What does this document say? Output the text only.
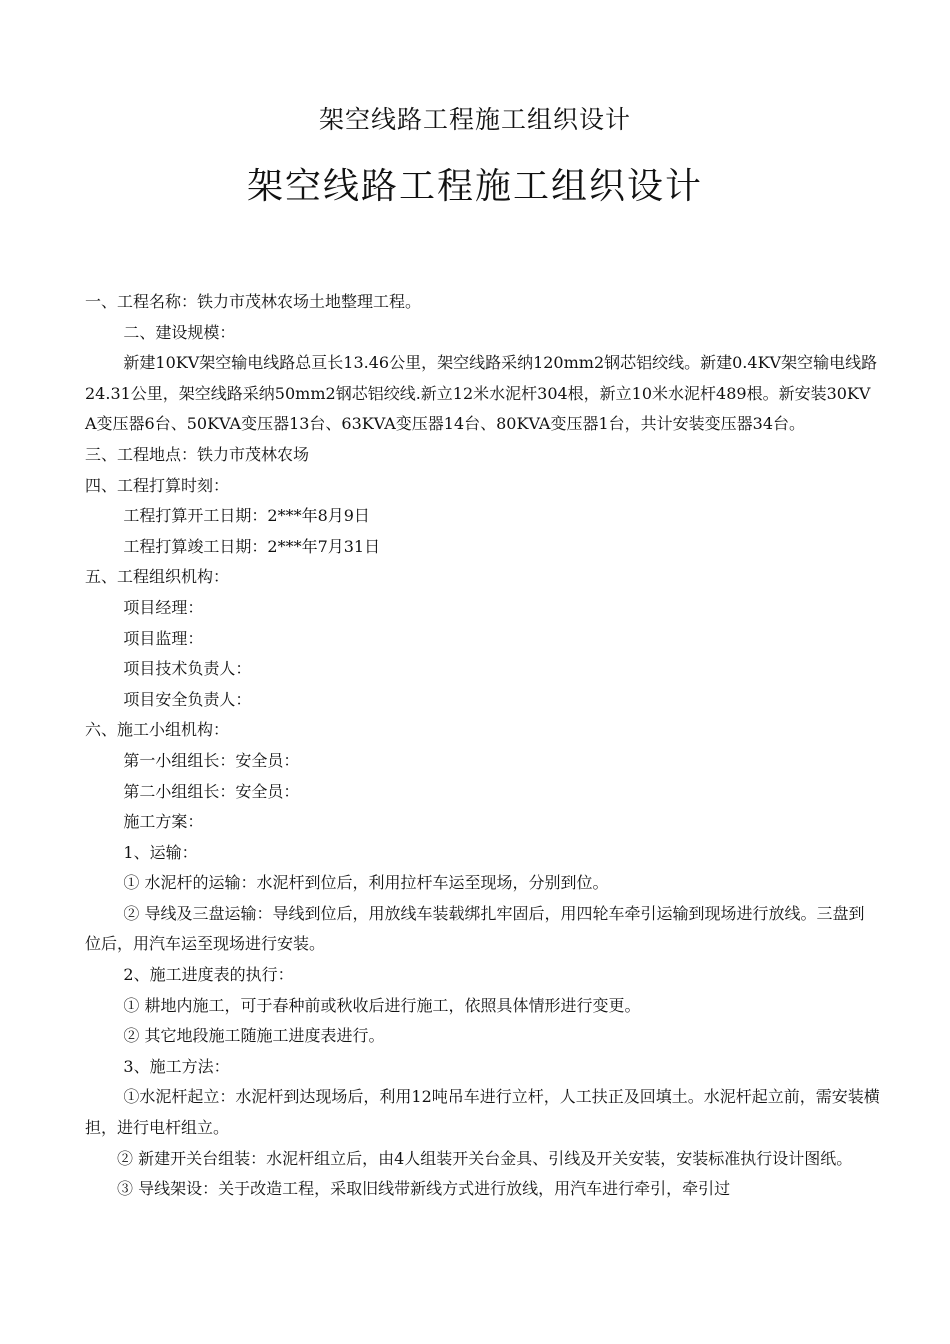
架空线路工程施工组织设计
架空线路工程施工组织设计

一、工程名称：铁力市茂林农场土地整理工程。

二、建设规模：

新建10KV架空输电线路总亘长13.46公里，架空线路采纳120mm2钢芯铝绞线。新建0.4KV架空输电线路24.31公里，架空线路采纳50mm2钢芯铝绞线.新立12米水泥杆304根，新立10米水泥杆489根。新安装30KVA变压器6台、50KVA变压器13台、63KVA变压器14台、80KVA变压器1台，共计安装变压器34台。

三、工程地点：铁力市茂林农场

四、工程打算时刻：

工程打算开工日期：2***年8月9日

工程打算竣工日期：2***年7月31日

五、工程组织机构：

项目经理：

项目监理：

项目技术负责人：

项目安全负责人：

六、施工小组机构：

第一小组组长：安全员：

第二小组组长：安全员：

施工方案：

1、运输：

① 水泥杆的运输：水泥杆到位后，利用拉杆车运至现场，分别到位。

② 导线及三盘运输：导线到位后，用放线车装载绑扎牢固后，用四轮车牵引运输到现场进行放线。三盘到位后，用汽车运至现场进行安装。

2、施工进度表的执行：

① 耕地内施工，可于春种前或秋收后进行施工，依照具体情形进行变更。

② 其它地段施工随施工进度表进行。

3、施工方法：

①水泥杆起立：水泥杆到达现场后，利用12吨吊车进行立杆，人工扶正及回填土。水泥杆起立前，需安装横担，进行电杆组立。

② 新建开关台组装：水泥杆组立后，由4人组装开关台金具、引线及开关安装，安装标准执行设计图纸。

③ 导线架设：关于改造工程，采取旧线带新线方式进行放线，用汽车进行牵引，牵引过
